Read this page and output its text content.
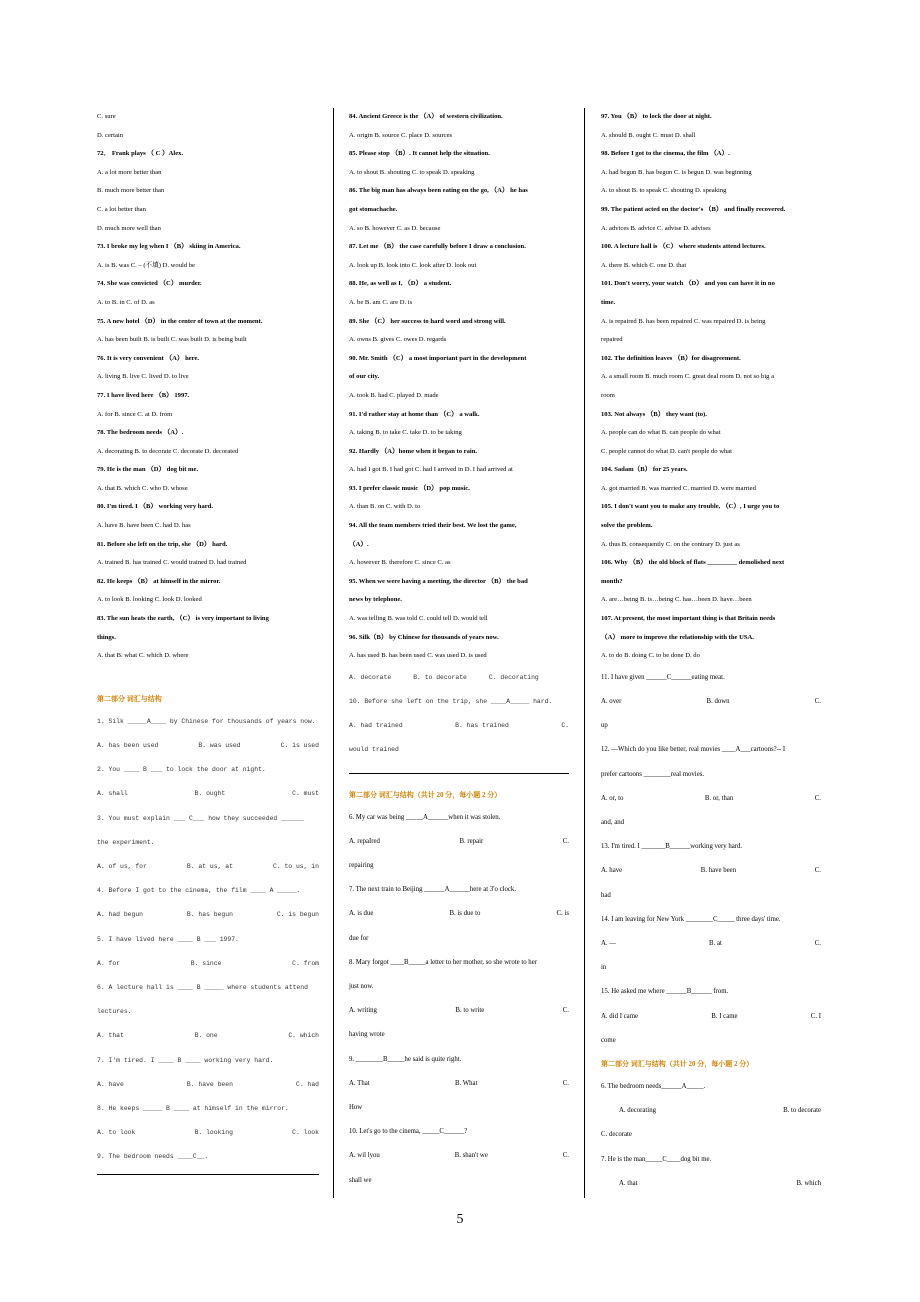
C. sure
D. certain
72． Frank plays （ C ）Alex.
A. a lot more better than
B. much more better than
C. a lot better than
D. much more well than
73. I broke my leg when I （B） skiing in America.
A. is B. was C. – (不填) D. would be
74. She was convicted （C） murder.
A. to B. in C. of D. as
75. A new hotel （D） in the center of town at the moment.
A. has been built B. is built C. was built D. is being built
76. It is very convenient （A） here.
A. living B. live C. lived D. to live
77. I have lived here （B） 1997.
A. for B. since C. at D. from
78. The bedroom needs （A）.
A. decorating B. to decorate C. decorate D. decorated
79. He is the man （D） dog bit me.
A. that B. which C. who D. whose
80. I'm tired. I （B） working very hard.
A. have B. have been C. had D. has
81. Before she left on the trip, she （D） hard.
A. trained B. has trained C. would trained D. had trained
82. He keeps （B） at himself in the mirror.
A. to look B. looking C. look D. looked
83. The sun heats the earth, （C） is very important to living
things.
A. that B. what C. which D. where
第二部分 词汇与结构
1. Silk _____A____ by Chinese for thousands of years now.
A. has been used	B. was used	C. is used
2. You ____ B ___ to lock the door at night.
A. shall	B. ought	C. must
3. You must explain ___ C___ how they succeeded ______
the experiment.
A. of us, for	B. at us, at	C. to us, in
4. Before I got to the cinema, the film ____ A _____.
A. had begun	B. has begun	C. is begun
5. I have lived here ____ B ___ 1997.
A. for	B. since	C. from
6. A lecture hall is ____ B _____ where students attend
lectures.
A. that	B. one	C. which
7. I'm tired. I ____ B ____ working very hard.
A. have	B. have been	C. had
8. He keeps _____ B ____ at himself in the mirror.
A. to look	B. looking	C. look
9. The bedroom needs ____C__.
84. Ancient Greece is the （A） of western civilization.
A. origin B. source C. place D. sources
85. Please stop （B）. It cannot help the situation.
A. to shout B. shouting C. to speak D. speaking
86. The big man has always been eating on the go, （A） he has
got stomachache.
A. so B. however C. as D. because
87. Let me （B） the case carefully before I draw a conclusion.
A. look up B. look into C. look after D. look out
88. He, as well as I, （D） a student.
A. be B. am C. are D. is
89. She （C） her success to hard word and strong will.
A. owns B. gives C. owes D. regards
90. Mr. Smith （C） a most important part in the development
of our city.
A. took B. had C. played D. made
91. I'd rather stay at home than （C） a walk.
A. taking B. to take C. take D. to be taking
92. Hardly （A）home when it began to rain.
A. had I got B. I had got C. had I arrived in D. I had arrived at
93. I prefer classic music （D） pop music.
A. than B. on C. with D. to
94. All the team members tried their best. We lost the game,
（A）.
A. however B. therefore C. since C. as
95. When we were having a meeting, the director （B） the bad
news by telephone.
A. was telling B. was told C. could tell D. would tell
96. Silk（B） by Chinese for thousands of years now.
A. has used B. has been used C. was used D. is used
A. decorate	B. to decorate	C. decorating
10. Before she left on the trip, she ____A_____ hard.
A. had trained	B. has trained	C.
would trained
第二部分 词汇与结构（共计 20 分，每小题 2 分）
6. My car was being _____A______when it was stolen.
A. repaIred	B. repair	C.
repairing
7. The next train to Beijing ______A______here at 3'o clock.
A. is due	B. is due to	C. is
due for
8. Mary forgot ____B_____a letter to her mother, so she wrote to her
just now.
A. writing	B. to write	C.
having wrote
9. ________B_____he said is quite right.
A. That	B. What	C.
How
10. Let's go to the cinema, _____C______?
A. wil lyou	B. shan't we	C.
shall we
97. You （B） to lock the door at night.
A. should B. ought C. must D. shall
98. Before I got to the cinema, the film （A）.
A. had begun B. has begun C. is begun D. was beginning
A. to shout B. to speak C. shouting D. speaking
99. The patient acted on the doctor's （B） and finally recovered.
A. advices B. advice C. advise D. advises
100. A lecture hall is （C） where students attend lectures.
A. there B. which C. one D. that
101. Don't worry, your watch （D） and you can have it in no
time.
A. is repaired B. has been repaired C. was repaired D. is being
repaired
102. The definition leaves （B）for disagreement.
A. a small room B. much room C. great deal room D. not so big a
room
103. Not always （B） they want (to).
A. people can do what B. can people do what
C. people cannot do what D. can't people do what
104. Sadam（B） for 25 years.
A. got married B. was married C. married D. were married
105. I don't want you to make any trouble, （C）, I urge you to
solve the problem.
A. thus B. consequently C. on the contrary D. just as
106. Why （B） the old block of flats _________ demolished next
month?
A. are…being B. is…being C. has…been D. have…been
107. At present, the most important thing is that Britain needs
（A） more to improve the relationship with the USA.
A. to do B. doing C. to be done D. do
11. I have given ______C______eating meat.
A. over	B. down	C.
up
12. —Which do you like better, real movies ____A___cartoons?-- I
prefer cartoons ________real movies.
A. or, to	B. or, than	C.
and, and
13. I'm tired. I _______B______working very hard.
A. have	B. have been	C.
had
14. I am leaving for New York ________C_____ three days' time.
A. —	B. at	C.
in
15. He asked me where ______B______ from.
A. did I came	B. I came	C. I
come
第二部分 词汇与结构（共计 20 分，每小题 2 分）
6. The bedroom needs______A_____.
A. decorating	B. to decorate
C. decorate
7. He is the man_____C____dog bit me.
A. that	B. which
5
